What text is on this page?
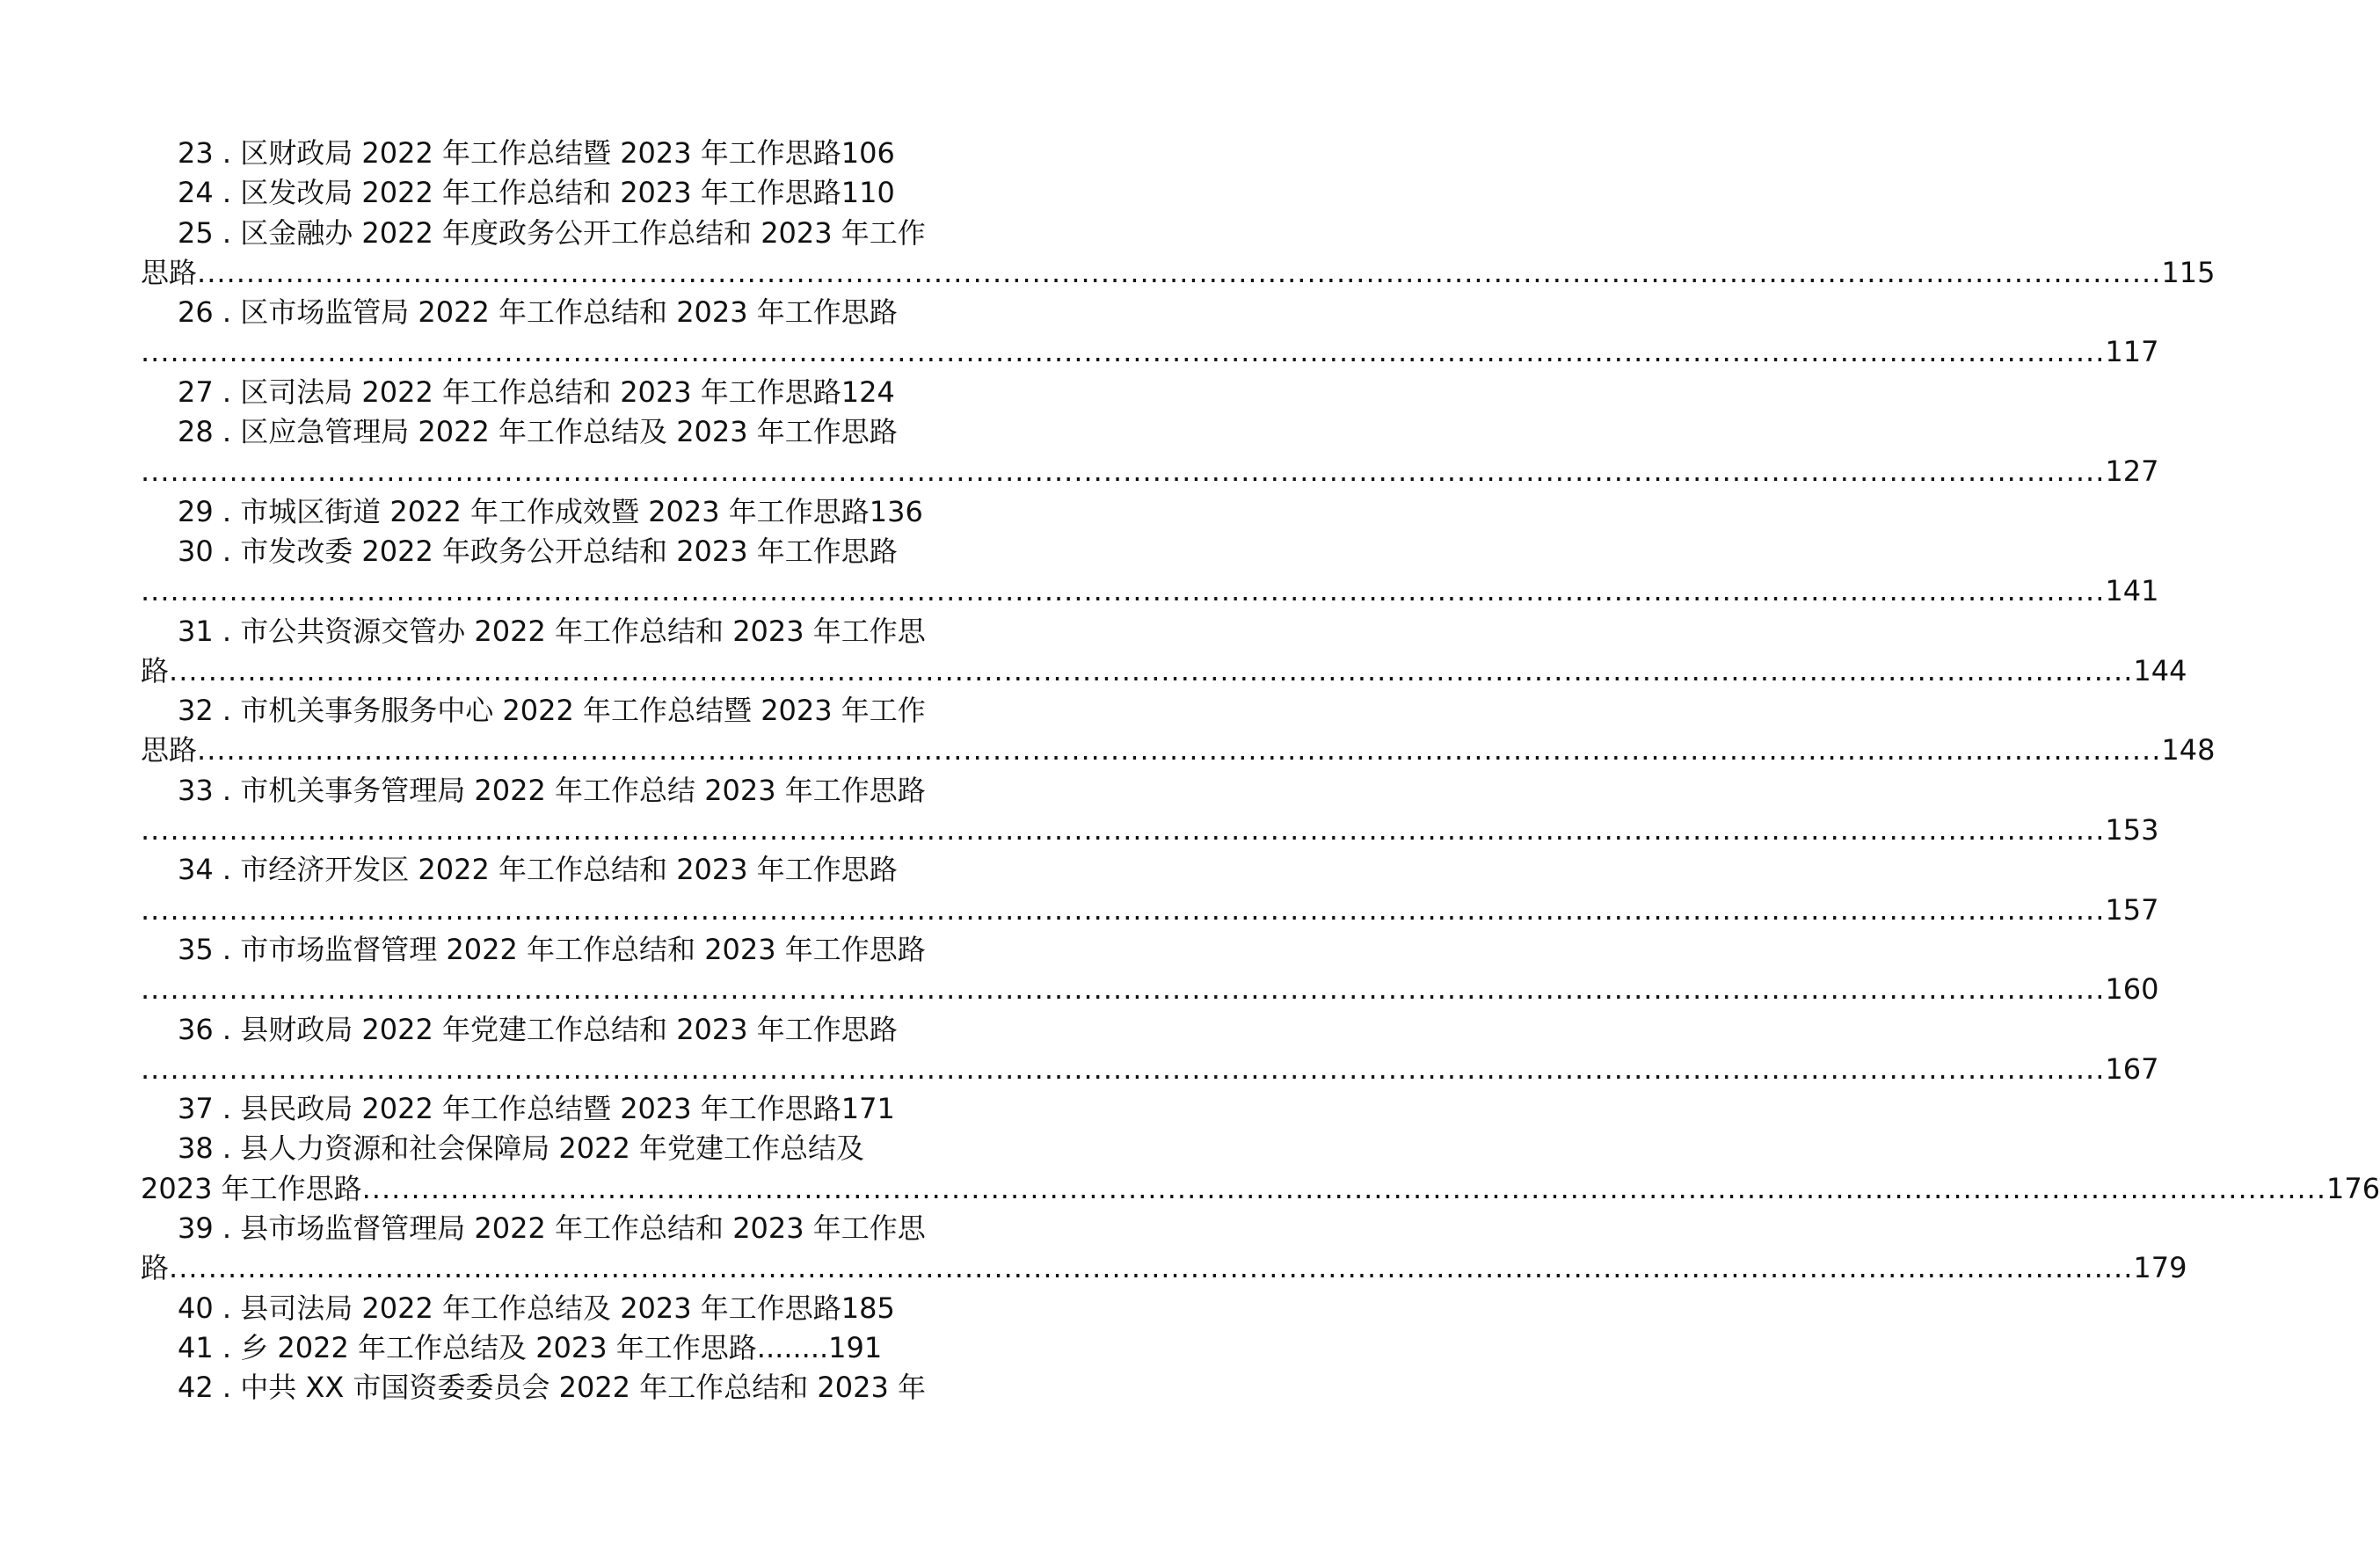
23 . 区财政局 2022 年工作总结暨 2023 年工作思路106
24 . 区发改局 2022 年工作总结和 2023 年工作思路110
25 . 区金融办 2022 年度政务公开工作总结和 2023 年工作
思路 ........................................................................................................................................................................................................ 115
26 . 区市场监管局 2022 年工作总结和 2023 年工作思路
........................................................................................................................................................................................................ 117
27 . 区司法局 2022 年工作总结和 2023 年工作思路124
28 . 区应急管理局 2022 年工作总结及 2023 年工作思路
........................................................................................................................................................................................................ 127
29 . 市城区街道 2022 年工作成效暨 2023 年工作思路136
30 . 市发改委 2022 年政务公开总结和 2023 年工作思路
........................................................................................................................................................................................................ 141
31 . 市公共资源交管办 2022 年工作总结和 2023 年工作思
路 ........................................................................................................................................................................................................ 144
32 . 市机关事务服务中心 2022 年工作总结暨 2023 年工作
思路 ........................................................................................................................................................................................................ 148
33 . 市机关事务管理局 2022 年工作总结 2023 年工作思路
........................................................................................................................................................................................................ 153
34 . 市经济开发区 2022 年工作总结和 2023 年工作思路
........................................................................................................................................................................................................ 157
35 . 市市场监督管理 2022 年工作总结和 2023 年工作思路
........................................................................................................................................................................................................ 160
36 . 县财政局 2022 年党建工作总结和 2023 年工作思路
........................................................................................................................................................................................................ 167
37 . 县民政局 2022 年工作总结暨 2023 年工作思路171
38 . 县人力资源和社会保障局 2022 年党建工作总结及
2023 年工作思路 ........................................................................................................................................................................................................ 176
39 . 县市场监督管理局 2022 年工作总结和 2023 年工作思
路 ........................................................................................................................................................................................................ 179
40 . 县司法局 2022 年工作总结及 2023 年工作思路185
41 . 乡 2022 年工作总结及 2023 年工作思路........191
42 . 中共 XX 市国资委委员会 2022 年工作总结和 2023 年
